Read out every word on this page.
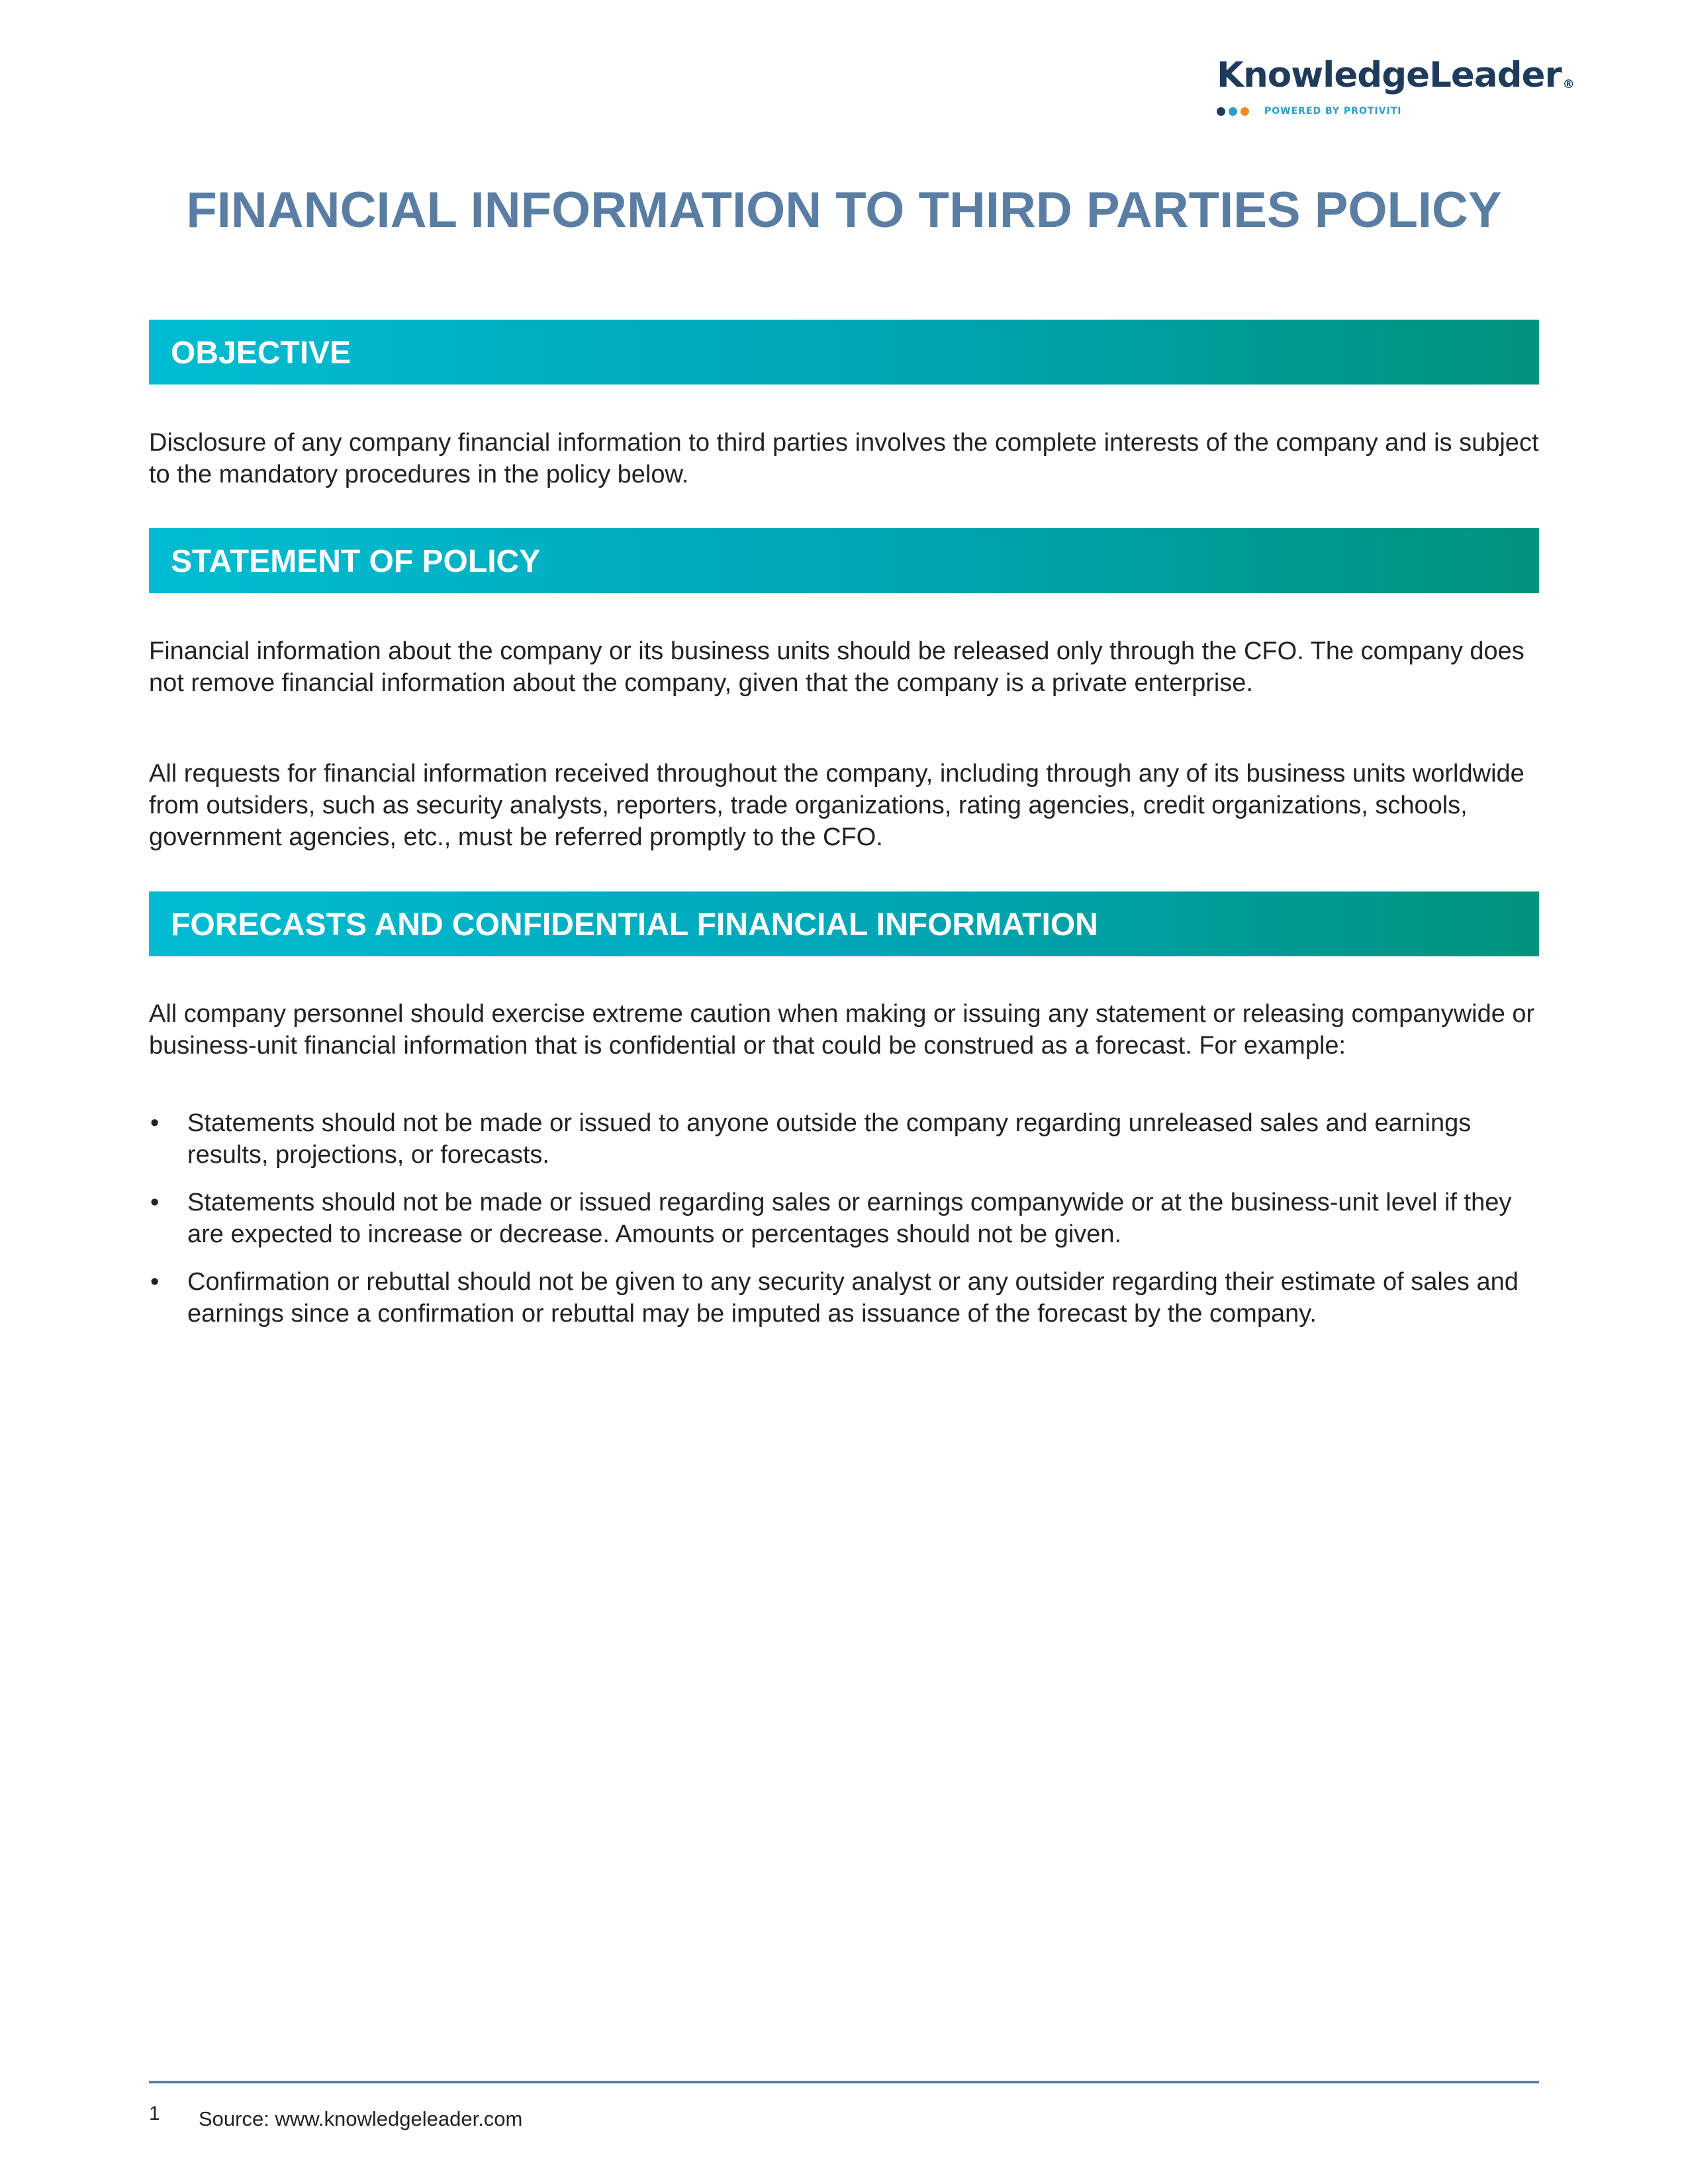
KnowledgeLeader ®
POWERED BY PROTIVITI
FINANCIAL INFORMATION TO THIRD PARTIES POLICY
OBJECTIVE

Disclosure of any company financial information to third parties involves the complete interests of the company and is subject to the mandatory procedures in the policy below.

STATEMENT OF POLICY

Financial information about the company or its business units should be released only through the CFO. The company does not remove financial information about the company, given that the company is a private enterprise.

All requests for financial information received throughout the company, including through any of its business units worldwide from outsiders, such as security analysts, reporters, trade organizations, rating agencies, credit organizations, schools, government agencies, etc., must be referred promptly to the CFO.

FORECASTS AND CONFIDENTIAL FINANCIAL INFORMATION

All company personnel should exercise extreme caution when making or issuing any statement or releasing companywide or business-unit financial information that is confidential or that could be construed as a forecast. For example:

• Statements should not be made or issued to anyone outside the company regarding unreleased sales and earnings results, projections, or forecasts.
• Statements should not be made or issued regarding sales or earnings companywide or at the business-unit level if they are expected to increase or decrease. Amounts or percentages should not be given.
• Confirmation or rebuttal should not be given to any security analyst or any outsider regarding their estimate of sales and earnings since a confirmation or rebuttal may be imputed as issuance of the forecast by the company.
1 Source: www.knowledgeleader.com
